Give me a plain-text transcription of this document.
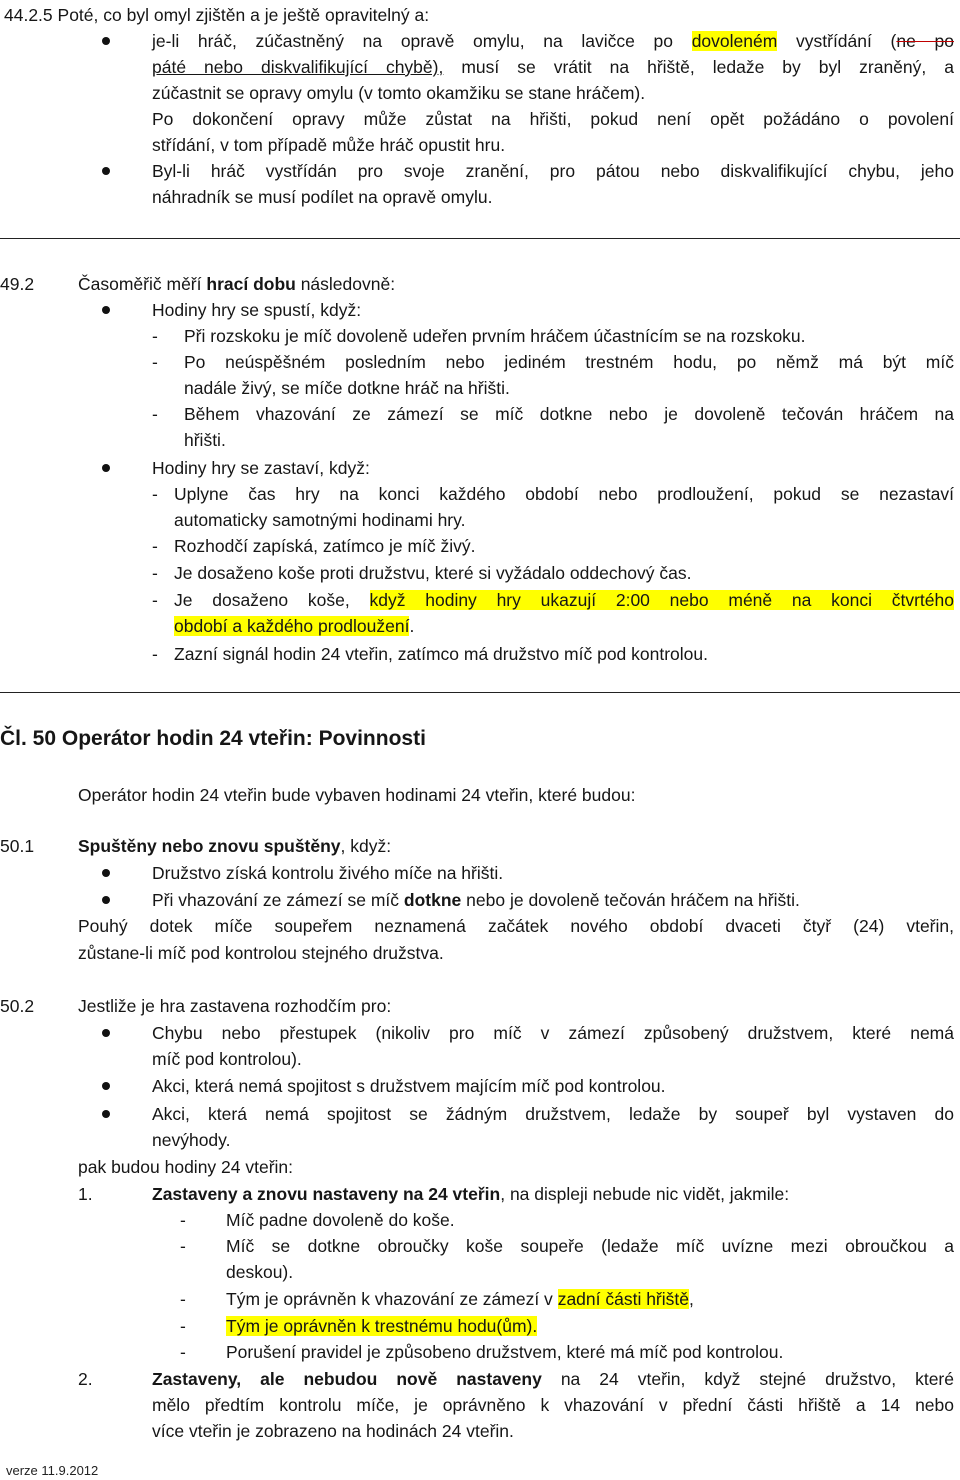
44.2.5 Poté, co byl omyl zjištěn a je ještě opravitelný a:
je-li hráč, zúčastněný na opravě omylu, na lavičce po dovoleném vystřídání (ne po
páté nebo diskvalifikující chybě), musí se vrátit na hřiště, ledaže by byl zraněný, a
zúčastnit se opravy omylu (v tomto okamžiku se stane hráčem).
Po dokončení opravy může zůstat na hřišti, pokud není opět požádáno o povolení
střídání, v tom případě může hráč opustit hru.
Byl-li hráč vystřídán pro svoje zranění, pro pátou nebo diskvalifikující chybu, jeho
náhradník se musí podílet na opravě omylu.
49.2	Časoměřič měří hrací dobu následovně:
Hodiny hry se spustí, když:
- Při rozskoku je míč dovoleně udeřen prvním hráčem účastnícím se na rozskoku.
- Po neúspěšném posledním nebo jediném trestném hodu, po němž má být míč
nadále živý, se míče dotkne hráč na hřišti.
- Během vhazování ze zámezí se míč dotkne nebo je dovoleně tečován hráčem na
hřišti.
Hodiny hry se zastaví, když:
- Uplyne čas hry na konci každého období nebo prodloužení, pokud se nezastaví
automaticky samotnými hodinami hry.
- Rozhodčí zapíská, zatímco je míč živý.
- Je dosaženo koše proti družstvu, které si vyžádalo oddechový čas.
- Je dosaženo koše, když hodiny hry ukazují 2:00 nebo méně na konci čtvrtého
období a každého prodloužení.
- Zazní signál hodin 24 vteřin, zatímco má družstvo míč pod kontrolou.
Čl. 50 Operátor hodin 24 vteřin: Povinnosti
Operátor hodin 24 vteřin bude vybaven hodinami 24 vteřin, které budou:
50.1	Spuštěny nebo znovu spuštěny, když:
Družstvo získá kontrolu živého míče na hřišti.
Při vhazování ze zámezí se míč dotkne nebo je dovoleně tečován hráčem na hřišti.
Pouhý dotek míče soupeřem neznamená začátek nového období dvaceti čtyř (24) vteřin,
zůstane-li míč pod kontrolou stejného družstva.
50.2	Jestliže je hra zastavena rozhodčím pro:
Chybu nebo přestupek (nikoliv pro míč v zámezí způsobený družstvem, které nemá
míč pod kontrolou).
Akci, která nemá spojitost s družstvem majícím míč pod kontrolou.
Akci, která nemá spojitost se žádným družstvem, ledaže by soupeř byl vystaven do
nevýhody.
pak budou hodiny 24 vteřin:
1.	Zastaveny a znovu nastaveny na 24 vteřin, na displeji nebude nic vidět, jakmile:
- Míč padne dovoleně do koše.
- Míč se dotkne obroučky koše soupeře (ledaže míč uvízne mezi obroučkou a
deskou).
- Tým je oprávněn k vhazování ze zámezí v zadní části hřiště,
- Tým je oprávněn k trestnému hodu(ům).
- Porušení pravidel je způsobeno družstvem, které má míč pod kontrolou.
2.	Zastaveny, ale nebudou nově nastaveny na 24 vteřin, když stejné družstvo, které
mělo předtím kontrolu míče, je oprávněno k vhazování v přední části hřiště a 14 nebo
více vteřin je zobrazeno na hodinách 24 vteřin.
verze 11.9.2012
